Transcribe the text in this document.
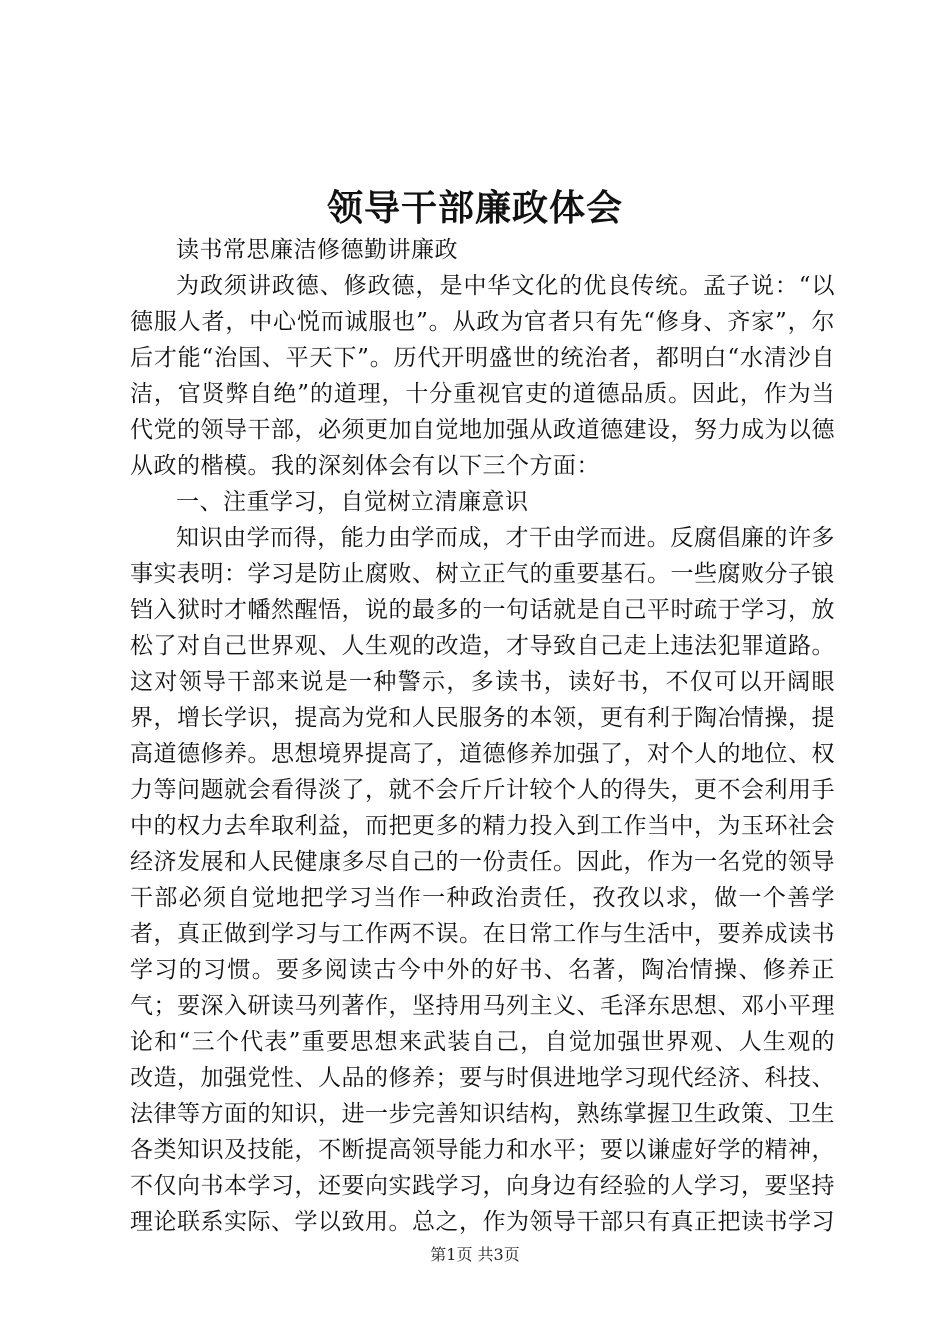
领导干部廉政体会

读书常思廉洁修德勤讲廉政

为政须讲政德、修政德，是中华文化的优良传统。孟子说：“以德服人者，中心悦而诚服也”。从政为官者只有先“修身、齐家”，尔后才能“治国、平天下”。历代开明盛世的统治者，都明白“水清沙自洁，官贤弊自绝”的道理，十分重视官吏的道德品质。因此，作为当代党的领导干部，必须更加自觉地加强从政道德建设，努力成为以德从政的楷模。我的深刻体会有以下三个方面：

一、注重学习，自觉树立清廉意识

知识由学而得，能力由学而成，才干由学而进。反腐倡廉的许多事实表明：学习是防止腐败、树立正气的重要基石。一些腐败分子锒铛入狱时才幡然醒悟，说的最多的一句话就是自己平时疏于学习，放松了对自己世界观、人生观的改造，才导致自己走上违法犯罪道路。这对领导干部来说是一种警示，多读书，读好书，不仅可以开阔眼界，增长学识，提高为党和人民服务的本领，更有利于陶冶情操，提高道德修养。思想境界提高了，道德修养加强了，对个人的地位、权力等问题就会看得淡了，就不会斤斤计较个人的得失，更不会利用手中的权力去牟取利益，而把更多的精力投入到工作当中，为玉环社会经济发展和人民健康多尽自己的一份责任。因此，作为一名党的领导干部必须自觉地把学习当作一种政治责任，孜孜以求，做一个善学者，真正做到学习与工作两不误。在日常工作与生活中，要养成读书学习的习惯。要多阅读古今中外的好书、名著，陶冶情操、修养正气；要深入研读马列著作，坚持用马列主义、毛泽东思想、邓小平理论和“三个代表”重要思想来武装自己，自觉加强世界观、人生观的改造，加强党性、人品的修养；要与时俱进地学习现代经济、科技、法律等方面的知识，进一步完善知识结构，熟练掌握卫生政策、卫生各类知识及技能，不断提高领导能力和水平；要以谦虚好学的精神，不仅向书本学习，还要向实践学习，向身边有经验的人学习，要坚持理论联系实际、学以致用。总之，作为领导干部只有真正把读书学习

第1页 共3页
